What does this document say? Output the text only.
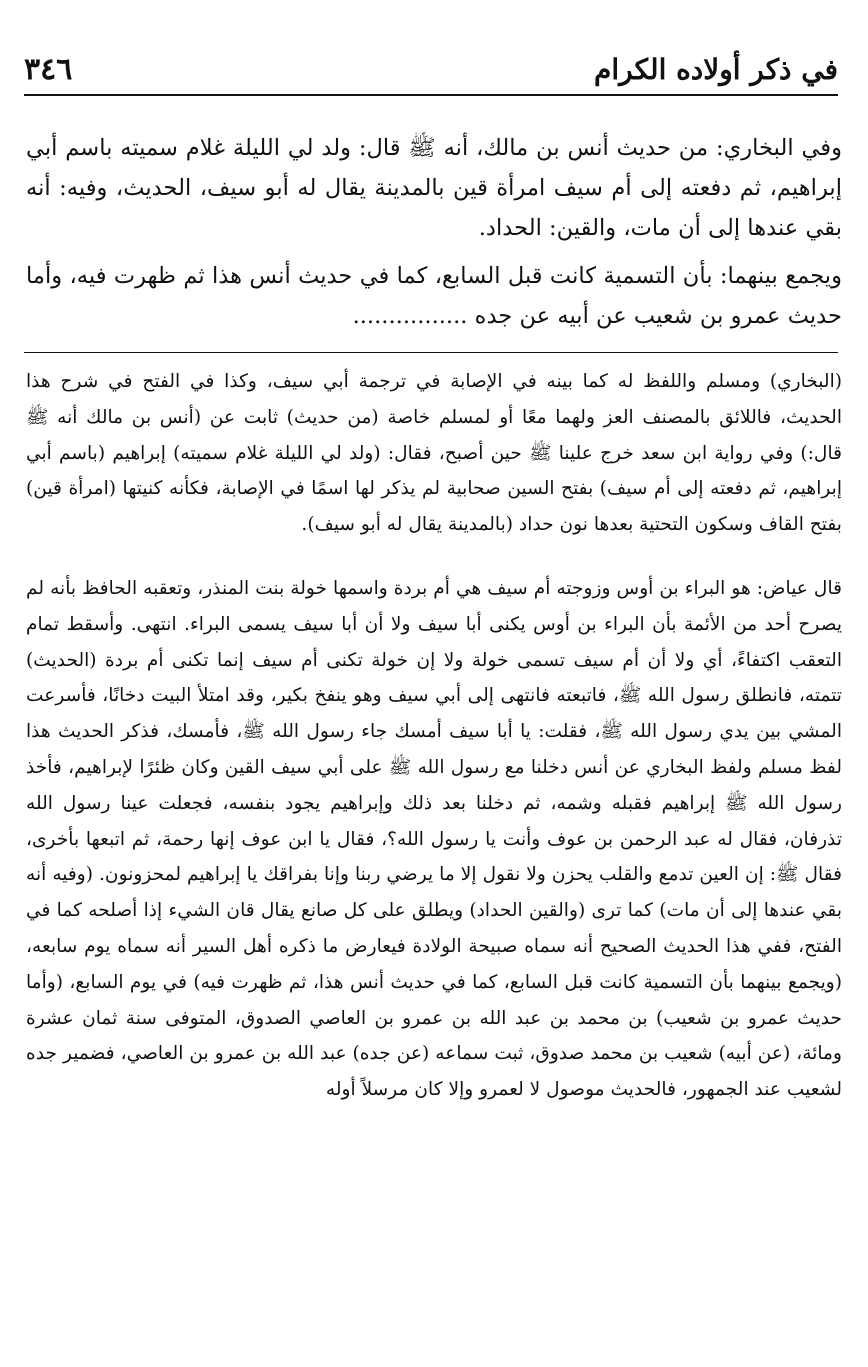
٣٤٦	في ذكر أولاده الكرام

وفي البخاري: من حديث أنس بن مالك، أنه ﷺ قال: ولد لي الليلة غلام سميته باسم أبي إبراهيم، ثم دفعته إلى أم سيف امرأة قين بالمدينة يقال له أبو سيف، الحديث، وفيه: أنه بقي عندها إلى أن مات، والقين: الحداد.

ويجمع بينهما: بأن التسمية كانت قبل السابع، كما في حديث أنس هذا ثم ظهرت فيه، وأما حديث عمرو بن شعيب عن أبيه عن جده ................

(البخاري) ومسلم واللفظ له كما بينه في الإصابة في ترجمة أبي سيف، وكذا في الفتح في شرح هذا الحديث، فاللائق بالمصنف العز ولهما معًا أو لمسلم خاصة (من حديث) ثابت عن (أنس بن مالك أنه ﷺ قال:) وفي رواية ابن سعد خرج علينا ﷺ حين أصبح، فقال: (ولد لي الليلة غلام سميته) إبراهيم (باسم أبي إبراهيم، ثم دفعته إلى أم سيف) بفتح السين صحابية لم يذكر لها اسمًا في الإصابة، فكأنه كنيتها (امرأة قين) بفتح القاف وسكون التحتية بعدها نون حداد (بالمدينة يقال له أبو سيف).

قال عياض: هو البراء بن أوس وزوجته أم سيف هي أم بردة واسمها خولة بنت المنذر، وتعقبه الحافظ بأنه لم يصرح أحد من الأئمة بأن البراء بن أوس يكنى أبا سيف ولا أن أبا سيف يسمى البراء. انتهى. وأسقط تمام التعقب اكتفاءً، أي ولا أن أم سيف تسمى خولة ولا إن خولة تكنى أم سيف إنما تكنى أم بردة (الحديث) تتمته، فانطلق رسول الله ﷺ، فاتبعته فانتهى إلى أبي سيف وهو ينفخ بكير، وقد امتلأ البيت دخانًا، فأسرعت المشي بين يدي رسول الله ﷺ، فقلت: يا أبا سيف أمسك جاء رسول الله ﷺ، فأمسك، فذكر الحديث هذا لفظ مسلم ولفظ البخاري عن أنس دخلنا مع رسول الله ﷺ على أبي سيف القين وكان ظئرًا لإبراهيم، فأخذ رسول الله ﷺ إبراهيم فقبله وشمه، ثم دخلنا بعد ذلك وإبراهيم يجود بنفسه، فجعلت عينا رسول الله تذرفان، فقال له عبد الرحمن بن عوف وأنت يا رسول الله؟، فقال يا ابن عوف إنها رحمة، ثم اتبعها بأخرى، فقال ﷺ: إن العين تدمع والقلب يحزن ولا نقول إلا ما يرضي ربنا وإنا بفراقك يا إبراهيم لمحزونون. (وفيه أنه بقي عندها إلى أن مات) كما ترى (والقين الحداد) ويطلق على كل صانع يقال قان الشيء إذا أصلحه كما في الفتح، ففي هذا الحديث الصحيح أنه سماه صبيحة الولادة فيعارض ما ذكره أهل السير أنه سماه يوم سابعه، (ويجمع بينهما بأن التسمية كانت قبل السابع، كما في حديث أنس هذا، ثم ظهرت فيه) في يوم السابع، (وأما حديث عمرو بن شعيب) بن محمد بن عبد الله بن عمرو بن العاصي الصدوق، المتوفى سنة ثمان عشرة ومائة، (عن أبيه) شعيب بن محمد صدوق، ثبت سماعه (عن جده) عبد الله بن عمرو بن العاصي، فضمير جده لشعيب عند الجمهور، فالحديث موصول لا لعمرو وإلا كان مرسلاً أوله
